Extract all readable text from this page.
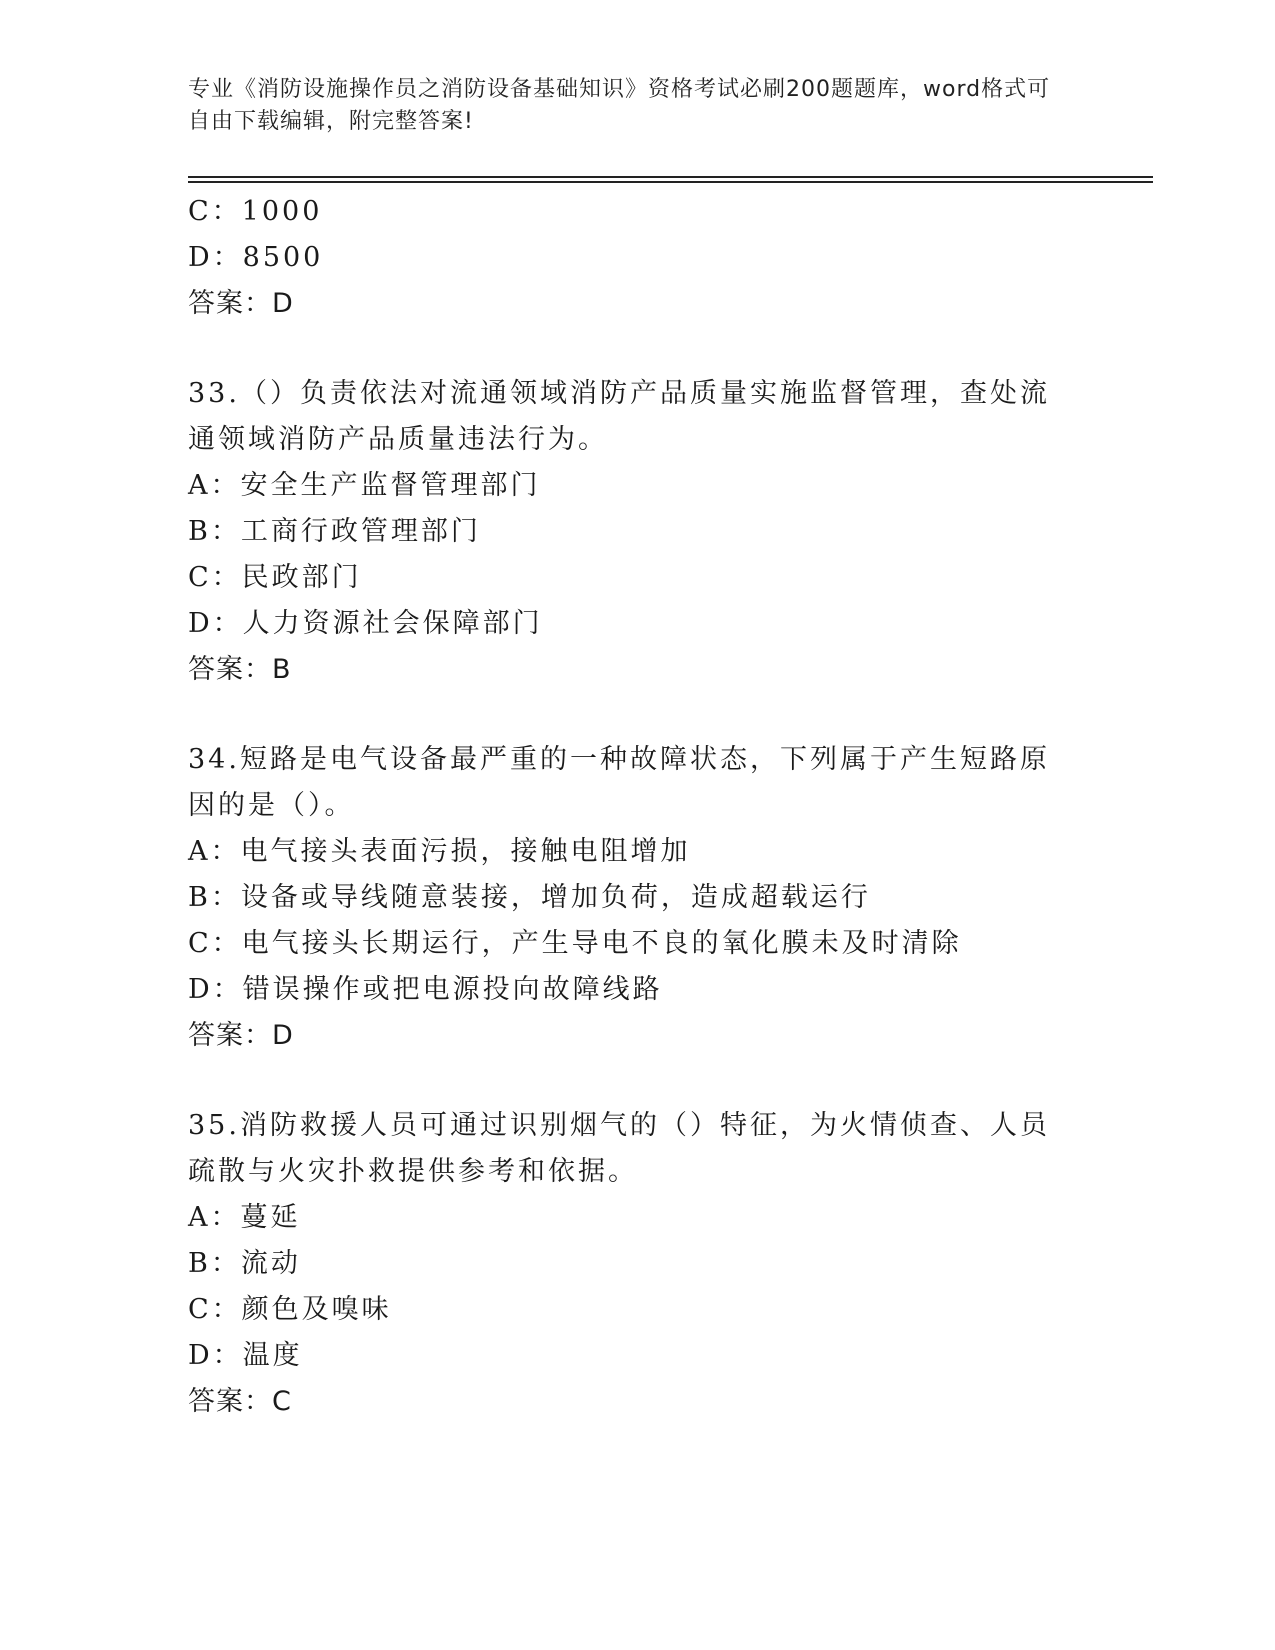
专业《消防设施操作员之消防设备基础知识》资格考试必刷200题题库，word格式可自由下载编辑，附完整答案!
C：1000
D：8500
答案：D
33.（）负责依法对流通领域消防产品质量实施监督管理，查处流通领域消防产品质量违法行为。
A：安全生产监督管理部门
B：工商行政管理部门
C：民政部门
D：人力资源社会保障部门
答案：B
34.短路是电气设备最严重的一种故障状态，下列属于产生短路原因的是（）。
A：电气接头表面污损，接触电阻增加
B：设备或导线随意装接，增加负荷，造成超载运行
C：电气接头长期运行，产生导电不良的氧化膜未及时清除
D：错误操作或把电源投向故障线路
答案：D
35.消防救援人员可通过识别烟气的（）特征，为火情侦查、人员疏散与火灾扑救提供参考和依据。
A：蔓延
B：流动
C：颜色及嗅味
D：温度
答案：C
